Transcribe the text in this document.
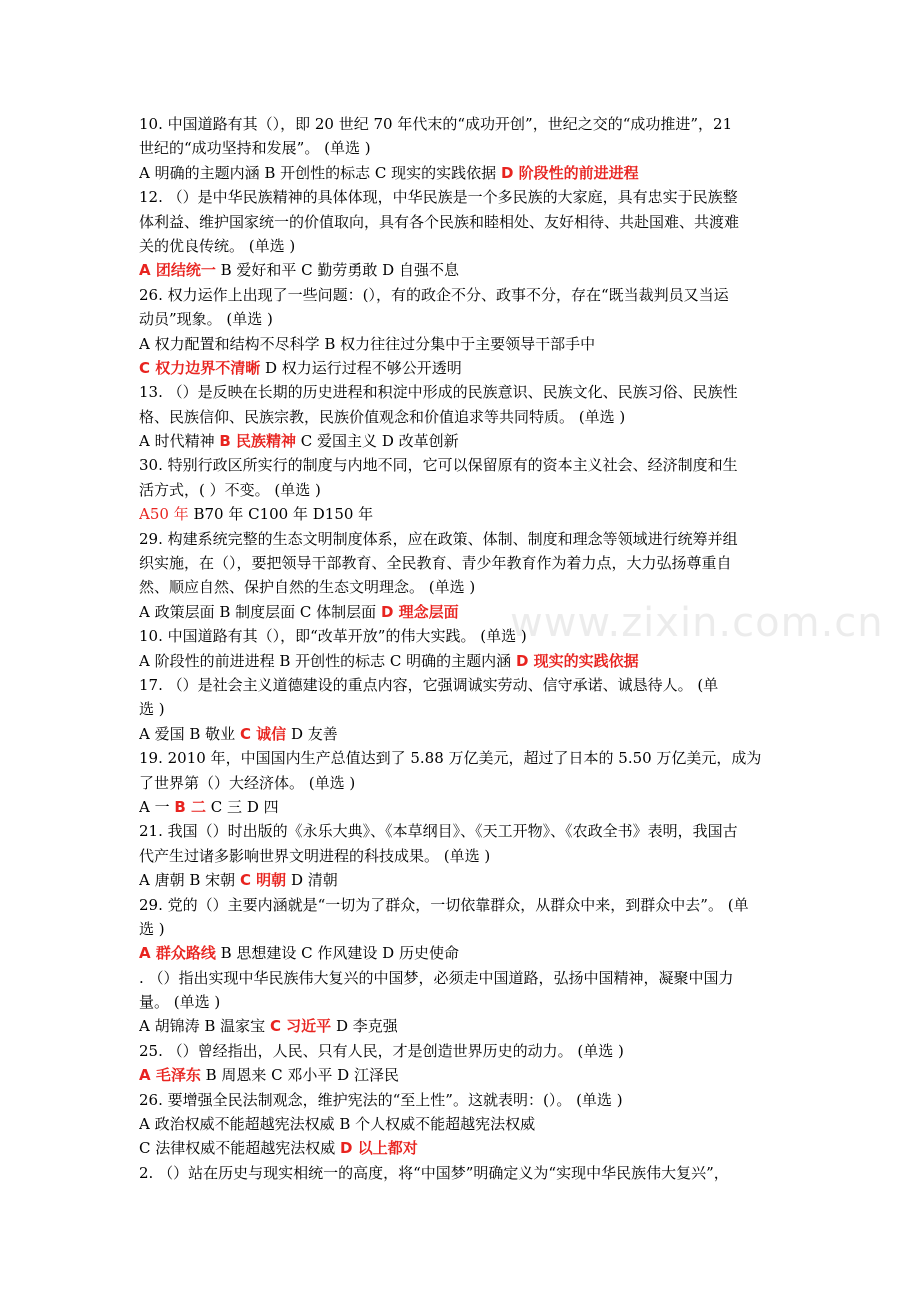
www.zixin.com.cn
10. 中国道路有其（），即 20 世纪 70 年代末的“成功开创”，世纪之交的“成功推进”，21
世纪的“成功坚持和发展”。 (单选 )
A 明确的主题内涵 B 开创性的标志 C 现实的实践依据 D 阶段性的前进进程
12. （）是中华民族精神的具体体现，中华民族是一个多民族的大家庭，具有忠实于民族整
体利益、维护国家统一的价值取向，具有各个民族和睦相处、友好相待、共赴国难、共渡难
关的优良传统。 (单选 )
A 团结统一 B 爱好和平 C 勤劳勇敢 D 自强不息
26. 权力运作上出现了一些问题：(），有的政企不分、政事不分，存在“既当裁判员又当运
动员”现象。 (单选 )
A 权力配置和结构不尽科学 B 权力往往过分集中于主要领导干部手中
C 权力边界不清晰 D 权力运行过程不够公开透明
13. （）是反映在长期的历史进程和积淀中形成的民族意识、民族文化、民族习俗、民族性
格、民族信仰、民族宗教，民族价值观念和价值追求等共同特质。 (单选 )
A 时代精神 B 民族精神 C 爱国主义 D 改革创新
30. 特别行政区所实行的制度与内地不同，它可以保留原有的资本主义社会、经济制度和生
活方式，( ）不变。 (单选 )
A50 年 B70 年 C100 年 D150 年
29. 构建系统完整的生态文明制度体系，应在政策、体制、制度和理念等领域进行统筹并组
织实施，在（），要把领导干部教育、全民教育、青少年教育作为着力点，大力弘扬尊重自
然、顺应自然、保护自然的生态文明理念。 (单选 )
A 政策层面 B 制度层面 C 体制层面 D 理念层面
10. 中国道路有其（），即“改革开放”的伟大实践。 (单选 )
A 阶段性的前进进程 B 开创性的标志 C 明确的主题内涵 D 现实的实践依据
17. （）是社会主义道德建设的重点内容，它强调诚实劳动、信守承诺、诚恳待人。 (单
选 )
A 爱国 B 敬业 C 诚信 D 友善
19. 2010 年，中国国内生产总值达到了 5.88 万亿美元，超过了日本的 5.50 万亿美元，成为
了世界第（）大经济体。 (单选 )
A 一 B 二 C 三 D 四
21. 我国（）时出版的《永乐大典》、《本草纲目》、《天工开物》、《农政全书》表明，我国古
代产生过诸多影响世界文明进程的科技成果。 (单选 )
A 唐朝 B 宋朝 C 明朝 D 清朝
29. 党的（）主要内涵就是“一切为了群众，一切依靠群众，从群众中来，到群众中去”。 (单
选 )
A 群众路线 B 思想建设 C 作风建设 D 历史使命
. （）指出实现中华民族伟大复兴的中国梦，必须走中国道路，弘扬中国精神，凝聚中国力
量。 (单选 )
A 胡锦涛 B 温家宝 C 习近平 D 李克强
25. （）曾经指出，人民、只有人民，才是创造世界历史的动力。 (单选 )
A 毛泽东 B 周恩来 C 邓小平 D 江泽民
26. 要增强全民法制观念，维护宪法的“至上性”。这就表明：(）。 (单选 )
A 政治权威不能超越宪法权威 B 个人权威不能超越宪法权威
C 法律权威不能超越宪法权威 D 以上都对
2. （）站在历史与现实相统一的高度，将“中国梦”明确定义为“实现中华民族伟大复兴”，
